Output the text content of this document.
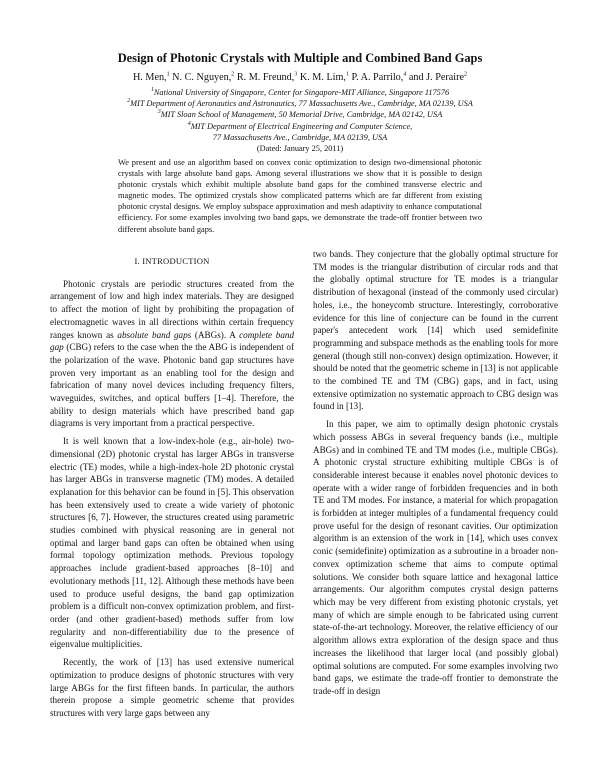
Design of Photonic Crystals with Multiple and Combined Band Gaps
H. Men,$^1$ N. C. Nguyen,$^2$ R. M. Freund,$^3$ K. M. Lim,$^1$ P. A. Parrilo,$^4$ and J. Peraire$^2$
$^1$National University of Singapore, Center for Singapore-MIT Alliance, Singapore 117576
$^2$MIT Department of Aeronautics and Astronautics, 77 Massachusetts Ave., Cambridge, MA 02139, USA
$^3$MIT Sloan School of Management, 50 Memorial Drive, Cambridge, MA 02142, USA
$^4$MIT Department of Electrical Engineering and Computer Science,
77 Massachusetts Ave., Cambridge, MA 02139, USA
(Dated: January 25, 2011)

We present and use an algorithm based on convex conic optimization to design two-dimensional photonic crystals with large absolute band gaps. Among several illustrations we show that it is possible to design photonic crystals which exhibit multiple absolute band gaps for the combined transverse electric and magnetic modes. The optimized crystals show complicated patterns which are far different from existing photonic crystal designs. We employ subspace approximation and mesh adaptivity to enhance computational efficiency. For some examples involving two band gaps, we demonstrate the trade-off frontier between two different absolute band gaps.

I. INTRODUCTION

Photonic crystals are periodic structures created from the arrangement of low and high index materials. They are designed to affect the motion of light by prohibiting the propagation of electromagnetic waves in all directions within certain frequency ranges known as absolute band gaps (ABGs). A complete band gap (CBG) refers to the case when the the ABG is independent of the polarization of the wave. Photonic band gap structures have proven very important as an enabling tool for the design and fabrication of many novel devices including frequency filters, waveguides, switches, and optical buffers [1–4]. Therefore, the ability to design materials which have prescribed band gap diagrams is very important from a practical perspective.

It is well known that a low-index-hole (e.g., air-hole) two-dimensional (2D) photonic crystal has larger ABGs in transverse electric (TE) modes, while a high-index-hole 2D photonic crystal has larger ABGs in transverse magnetic (TM) modes. A detailed explanation for this behavior can be found in [5]. This observation has been extensively used to create a wide variety of photonic structures [6, 7]. However, the structures created using parametric studies combined with physical reasoning are in general not optimal and larger band gaps can often be obtained when using formal topology optimization methods. Previous topology approaches include gradient-based approaches [8–10] and evolutionary methods [11, 12]. Although these methods have been used to produce useful designs, the band gap optimization problem is a difficult non-convex optimization problem, and first-order (and other gradient-based) methods suffer from low regularity and non-differentiability due to the presence of eigenvalue multiplicities.

Recently, the work of [13] has used extensive numerical optimization to produce designs of photonic structures with very large ABGs for the first fifteen bands. In particular, the authors therein propose a simple geometric scheme that provides structures with very large gaps between any

two bands. They conjecture that the globally optimal structure for TM modes is the triangular distribution of circular rods and that the globally optimal structure for TE modes is a triangular distribution of hexagonal (instead of the commonly used circular) holes, i.e., the honeycomb structure. Interestingly, corroborative evidence for this line of conjecture can be found in the current paper's antecedent work [14] which used semidefinite programming and subspace methods as the enabling tools for more general (though still non-convex) design optimization. However, it should be noted that the geometric scheme in [13] is not applicable to the combined TE and TM (CBG) gaps, and in fact, using extensive optimization no systematic approach to CBG design was found in [13].

In this paper, we aim to optimally design photonic crystals which possess ABGs in several frequency bands (i.e., multiple ABGs) and in combined TE and TM modes (i.e., multiple CBGs). A photonic crystal structure exhibiting multiple CBGs is of considerable interest because it enables novel photonic devices to operate with a wider range of forbidden frequencies and in both TE and TM modes. For instance, a material for which propagation is forbidden at integer multiples of a fundamental frequency could prove useful for the design of resonant cavities. Our optimization algorithm is an extension of the work in [14], which uses convex conic (semidefinite) optimization as a subroutine in a broader non-convex optimization scheme that aims to compute optimal solutions. We consider both square lattice and hexagonal lattice arrangements. Our algorithm computes crystal design patterns which may be very different from existing photonic crystals, yet many of which are simple enough to be fabricated using current state-of-the-art technology. Moreover, the relative efficiency of our algorithm allows extra exploration of the design space and thus increases the likelihood that larger local (and possibly global) optimal solutions are computed. For some examples involving two band gaps, we estimate the trade-off frontier to demonstrate the trade-off in design
